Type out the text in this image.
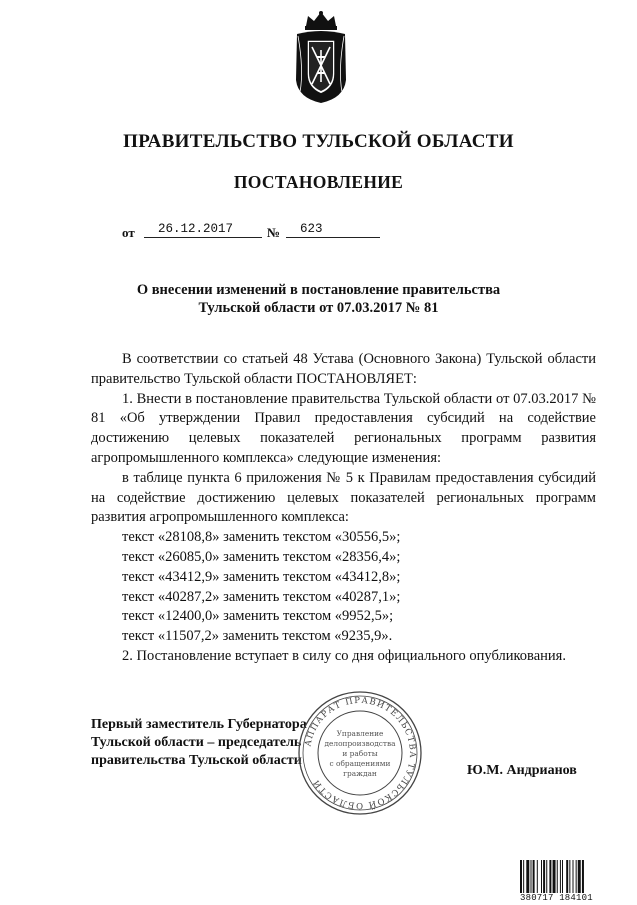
ПРАВИТЕЛЬСТВО ТУЛЬСКОЙ ОБЛАСТИ
ПОСТАНОВЛЕНИЕ
от	26.12.2017	№	623
О внесении изменений в постановление правительства
Тульской области от 07.03.2017 № 81

В соответствии со статьей 48 Устава (Основного Закона) Тульской области правительство Тульской области ПОСТАНОВЛЯЕТ:

1. Внести в постановление правительства Тульской области от 07.03.2017 № 81 «Об утверждении Правил предоставления субсидий на содействие достижению целевых показателей региональных программ развития агропромышленного комплекса» следующие изменения:

в таблице пункта 6 приложения № 5 к Правилам предоставления субсидий на содействие достижению целевых показателей региональных программ развития агропромышленного комплекса:

текст «28108,8» заменить текстом «30556,5»;

текст «26085,0» заменить текстом «28356,4»;

текст «43412,9» заменить текстом «43412,8»;

текст «40287,2» заменить текстом «40287,1»;

текст «12400,0» заменить текстом «9952,5»;

текст «11507,2» заменить текстом «9235,9».

2. Постановление вступает в силу со дня официального опубликования.

Первый заместитель Губернатора
Тульской области – председатель
правительства Тульской области
АППАРАТ ПРАВИТЕЛЬСТВА ТУЛЬСКОЙ ОБЛАСТИ
Управление
делопроизводства
и работы
с обращениями
граждан	Ю.М. Андрианов
380717 184101
